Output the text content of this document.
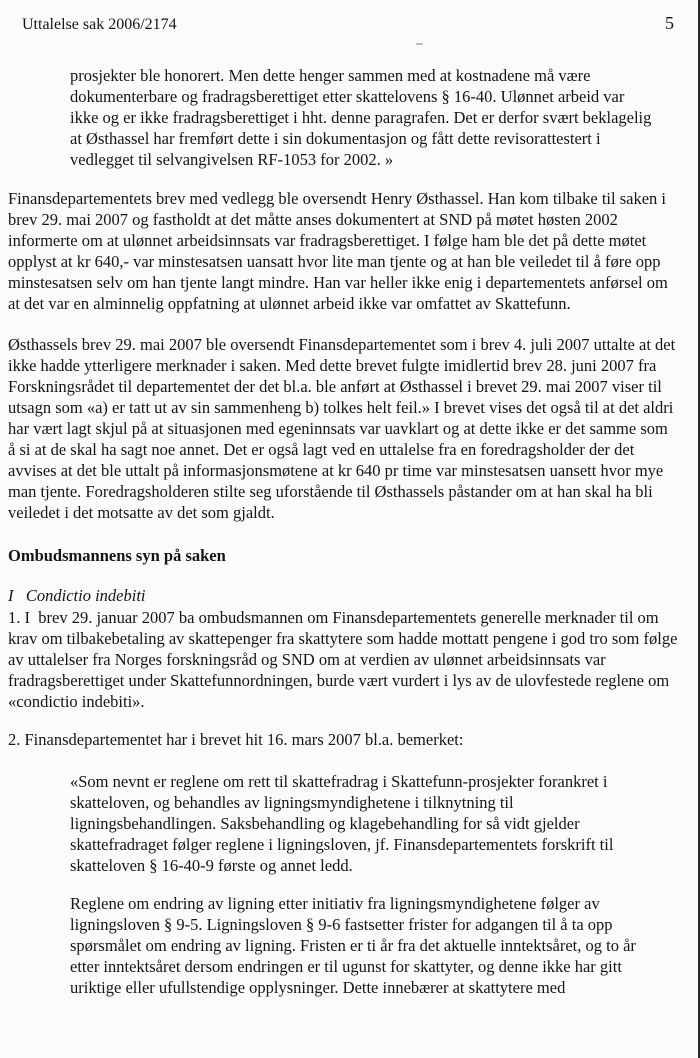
Uttalelse sak 2006/2174	5

prosjekter ble honorert. Men dette henger sammen med at kostnadene må være dokumenterbare og fradragsberettiget etter skattelovens § 16-40. Ulønnet arbeid var ikke og er ikke fradragsberettiget i hht. denne paragrafen. Det er derfor svært beklagelig at Østhassel har fremført dette i sin dokumentasjon og fått dette revisorattestert i vedlegget til selvangivelsen RF-1053 for 2002. »

Finansdepartementets brev med vedlegg ble oversendt Henry Østhassel. Han kom tilbake til saken i brev 29. mai 2007 og fastholdt at det måtte anses dokumentert at SND på møtet høsten 2002 informerte om at ulønnet arbeidsinnsats var fradragsberettiget. I følge ham ble det på dette møtet opplyst at kr 640,- var minstesatsen uansatt hvor lite man tjente og at han ble veiledet til å føre opp minstesatsen selv om han tjente langt mindre. Han var heller ikke enig i departementets anførsel om at det var en alminnelig oppfatning at ulønnet arbeid ikke var omfattet av Skattefunn.

Østhassels brev 29. mai 2007 ble oversendt Finansdepartementet som i brev 4. juli 2007 uttalte at det ikke hadde ytterligere merknader i saken. Med dette brevet fulgte imidlertid brev 28. juni 2007 fra Forskningsrådet til departementet der det bl.a. ble anført at Østhassel i brevet 29. mai 2007 viser til utsagn som «a) er tatt ut av sin sammenheng b) tolkes helt feil.» I brevet vises det også til at det aldri har vært lagt skjul på at situasjonen med egeninnsats var uavklart og at dette ikke er det samme som å si at de skal ha sagt noe annet. Det er også lagt ved en uttalelse fra en foredragsholder der det avvises at det ble uttalt på informasjonsmøtene at kr 640 pr time var minstesatsen uansett hvor mye man tjente. Foredragsholderen stilte seg uforstående til Østhassels påstander om at han skal ha bli veiledet i det motsatte av det som gjaldt.

Ombudsmannens syn på saken

I   Condictio indebiti

1. I  brev 29. januar 2007 ba ombudsmannen om Finansdepartementets generelle merknader til om krav om tilbakebetaling av skattepenger fra skattytere som hadde mottatt pengene i god tro som følge av uttalelser fra Norges forskningsråd og SND om at verdien av ulønnet arbeidsinnsats var fradragsberettiget under Skattefunnordningen, burde vært vurdert i lys av de ulovfestede reglene om «condictio indebiti».

2. Finansdepartementet har i brevet hit 16. mars 2007 bl.a. bemerket:

«Som nevnt er reglene om rett til skattefradrag i Skattefunn-prosjekter forankret i skatteloven, og behandles av ligningsmyndighetene i tilknytning til ligningsbehandlingen. Saksbehandling og klagebehandling for så vidt gjelder skattefradraget følger reglene i ligningsloven, jf. Finansdepartementets forskrift til skatteloven § 16-40-9 første og annet ledd.

Reglene om endring av ligning etter initiativ fra ligningsmyndighetene følger av ligningsloven § 9-5. Ligningsloven § 9-6 fastsetter frister for adgangen til å ta opp spørsmålet om endring av ligning. Fristen er ti år fra det aktuelle inntektsåret, og to år etter inntektsåret dersom endringen er til ugunst for skattyter, og denne ikke har gitt uriktige eller ufullstendige opplysninger. Dette innebærer at skattytere med
